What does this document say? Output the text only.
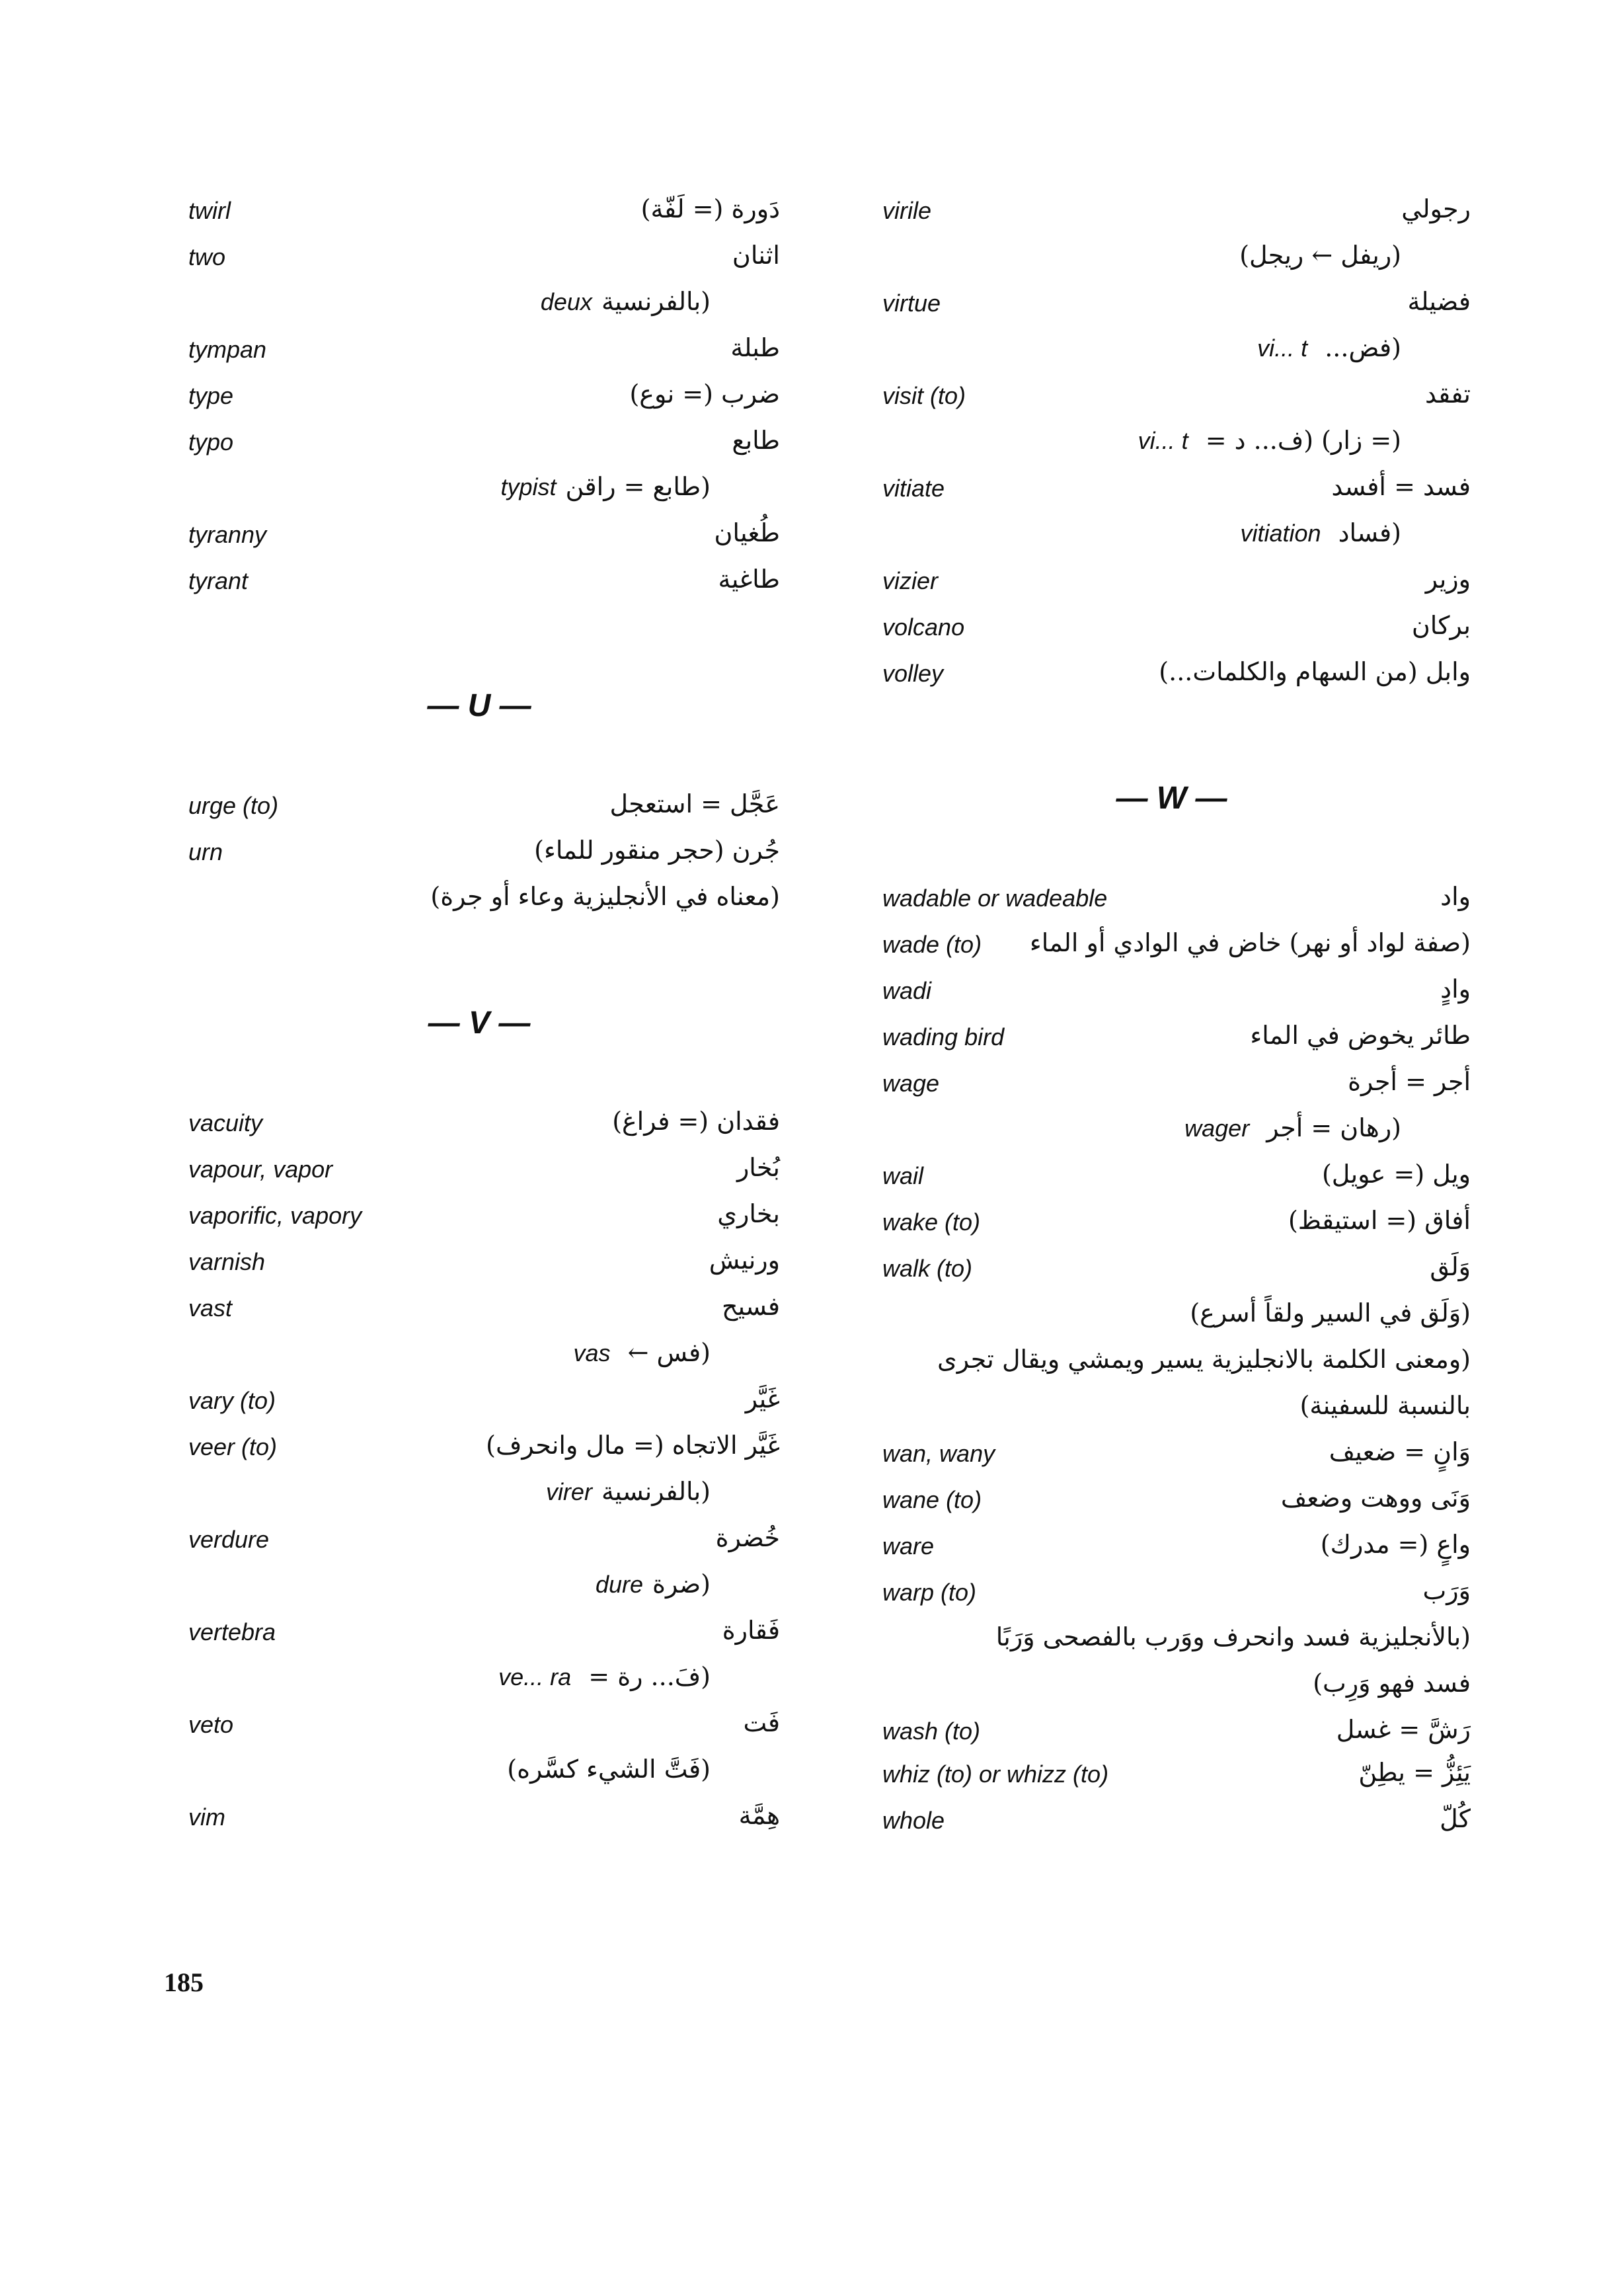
twirl	دَورة (= لَفّة)
two	اثنان
(بالفرنسيةdeux
tympan	طبلة
type	ضرب (= نوع)
typo	طابع
(طابع = راقنtypist
tyranny	طُغيان
tyrant	طاغية
— U —
urge (to)	عَجَّل = استعجل
urn	جُرن (حجر منقور للماء)
(معناه في الأنجليزية وعاء أو جرة)
— V —
vacuity	فقدان (= فراغ)
vapour, vapor	بُخار
vaporific, vapory	بخاري
varnish	ورنيش
vast	فسيح
(فس ← vas
vary (to)	غَيَّر
veer (to)	غَيَّر الاتجاه (= مال وانحرف)
(بالفرنسيةvirer
verdure	خُضرة
(ضرةdure
vertebra	فَقارة
(فَ... رة = ve... ra
veto	فَت
(فَتَّ الشيء كسَّره)
vim	هِمَّة
virile	رجولي
(ريفل ← ريجل)
virtue	فضيلة
(فض... vi... t
visit (to)	تفقد
(= زار) (ف... د = vi... t
vitiate	فسد = أفسد
(فساد vitiation
vizier	وزير
volcano	بركان
volley	وابل (من السهام والكلمات...)
— W —
wadable or wadeable	واد
wade (to) (صفة لواد أو نهر) خاض في الوادي أو الماء
wadi	وادٍ
wading bird	طائر يخوض في الماء
wage	أجر = أجرة
(رهان = أجر wager
wail	ويل (= عويل)
wake (to)	أفاق (= استيقظ)
walk (to)	وَلَق
(وَلَق في السير ولقاً أسرع)
(ومعنى الكلمة بالانجليزية يسير ويمشي ويقال تجرى
بالنسبة للسفينة)
wan, wany	وَانٍ = ضعيف
wane (to)	وَنَى ووهت وضعف
ware	واعٍ (= مدرك)
warp (to)	وَرَب
(بالأنجليزية فسد وانحرف ووَرب بالفصحى وَرَبًا
فسد فهو وَرِب)
wash (to)	رَشَّ = غسل
whiz (to) or whizz (to)	يَئِزُّ = يطِنّ
whole	كُلّ
185
